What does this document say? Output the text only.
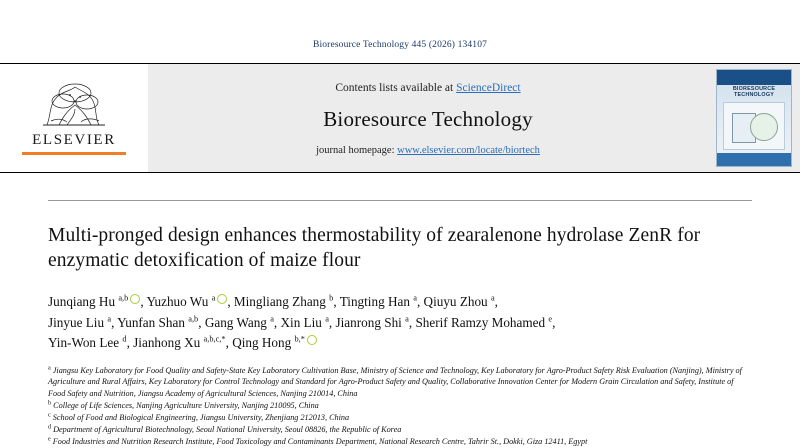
Bioresource Technology 445 (2026) 134107
ELSEVIER
Contents lists available at ScienceDirect
Bioresource Technology
journal homepage: www.elsevier.com/locate/biortech
BIORESOURCE TECHNOLOGY
Multi-pronged design enhances thermostability of zearalenone hydrolase ZenR for enzymatic detoxification of maize flour
Junqiang Hu $^{a,b}$ , Yuzhuo Wu $^a$ , Mingliang Zhang $^b$, Tingting Han $^a$, Qiuyu Zhou $^a$,
Jinyue Liu $^a$, Yunfan Shan $^{a,b}$, Gang Wang $^a$, Xin Liu $^a$, Jianrong Shi $^a$, Sherif Ramzy Mohamed $^e$,
Yin-Won Lee $^d$, Jianhong Xu $^{a,b,c,*}$, Qing Hong $^{b,*}$
$^a$ Jiangsu Key Laboratory for Food Quality and Safety-State Key Laboratory Cultivation Base, Ministry of Science and Technology, Key Laboratory for Agro-Product Safety Risk Evaluation (Nanjing), Ministry of Agriculture and Rural Affairs, Key Laboratory for Control Technology and Standard for Agro-Product Safety and Quality, Collaborative Innovation Center for Modern Grain Circulation and Safety, Institute of Food Safety and Nutrition, Jiangsu Academy of Agricultural Sciences, Nanjing 210014, China
$^b$ College of Life Sciences, Nanjing Agriculture University, Nanjing 210095, China
$^c$ School of Food and Biological Engineering, Jiangsu University, Zhenjiang 212013, China
$^d$ Department of Agricultural Biotechnology, Seoul National University, Seoul 08826, the Republic of Korea
$^e$ Food Industries and Nutrition Research Institute, Food Toxicology and Contaminants Department, National Research Centre, Tahrir St., Dokki, Giza 12411, Egypt
